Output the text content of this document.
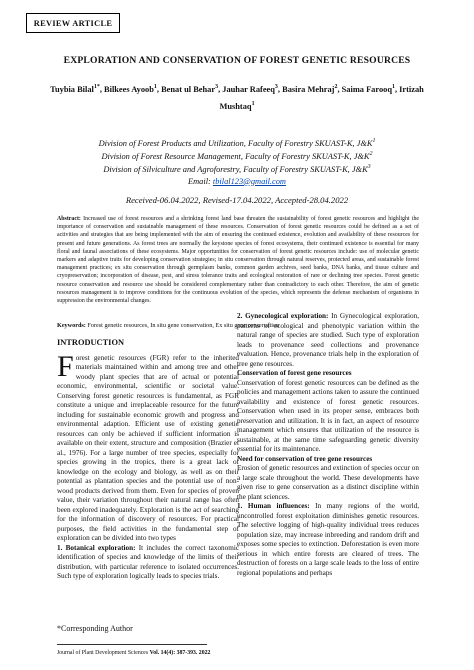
REVIEW ARTICLE
EXPLORATION AND CONSERVATION OF FOREST GENETIC RESOURCES
Tuybia Bilal$^{1*}$, Bilkees Ayoob$^1$, Benat ul Behar$^3$, Jauhar Rafeeq$^3$, Basira Mehraj$^2$, Saima Farooq$^1$, Irtizah Mushtaq$^1$
Division of Forest Products and Utilization, Faculty of Forestry SKUAST-K, $J\&K^1$
Division of Forest Resource Management, Faculty of Forestry SKUAST-K, $J\&K^2$
Division of Silviculture and Agroforestry, Faculty of Forestry SKUAST-K, $J\&K^3$
Email: tbilal123@gmail.com
Received-06.04.2022, Revised-17.04.2022, Accepted-28.04.2022
Abstract: Increased use of forest resources and a shrinking forest land base threaten the sustainability of forest genetic resources and highlight the importance of conservation and sustainable management of these resources. Conservation of forest genetic resources could be defined as a set of activities and strategies that are being implemented with the aim of ensuring the continued existence, evolution and availability of these resources for present and future generations. As forest trees are normally the keystone species of forest ecosystems, their continued existence is essential for many floral and faunal associations of these ecosystems. Major opportunities for conservation of forest genetic resources include: use of molecular genetic markers and adaptive traits for developing conservation strategies; in situ conservation through natural reserves, protected areas, and sustainable forest management practices; ex situ conservation through germplasm banks, common garden archives, seed banks, DNA banks, and tissue culture and cryopreservation; incorporation of disease, pest, and stress tolerance traits and ecological restoration of rare or declining tree species. Forest genetic resource conservation and resource use should be considered complementary rather than contradictory to each other. Therefore, the aim of genetic resources management is to improve conditions for the continuous evolution of the species, which represents the defense mechanism of organisms in suppression the environmental changes.
Keywords: Forest genetic resources, In situ gene conservation, Ex situ gene conservation
INTRODUCTION
Forest genetic resources (FGR) refer to the inherited materials maintained within and among tree and other woody plant species that are of actual or potential economic, environmental, scientific or societal value. Conserving forest genetic resources is fundamental, as FGR constitute a unique and irreplaceable resource for the future including for sustainable economic growth and progress and environmental adaption. Efficient use of existing genetic resources can only be achieved if sufficient information is available on their extent, structure and composition (Brazier et al., 1976). For a large number of tree species, especially for species growing in the tropics, there is a great lack of knowledge on the ecology and biology, as well as on their potential as plantation species and the potential use of non-wood products derived from them. Even for species of proven value, their variation throughout their natural range has often been explored inadequately. Exploration is the act of searching for the information of discovery of resources. For practical purposes, the field activities in the fundamental step of exploration can be divided into two types
1. Botanical exploration: It includes the correct taxonomic identification of species and knowledge of the limits of their distribution, with particular reference to isolated occurrences. Such type of exploration logically leads to species trials.
2. Gynecological exploration: In Gynecological exploration, patterns of ecological and phenotypic variation within the natural range of species are studied. Such type of exploration leads to provenance seed collections and provenance evaluation. Hence, provenance trials help in the exploration of tree gene resources.
Conservation of forest gene resources
Conservation of forest genetic resources can be defined as the policies and management actions taken to assure the continued availability and existence of forest genetic resources. Conservation when used in its proper sense, embraces both preservation and utilization. It is in fact, an aspect of resource management which ensures that utilization of the resource is sustainable, at the same time safeguarding genetic diversity essential for its maintenance.
Need for conservation of tree gene resources
Erosion of genetic resources and extinction of species occur on a large scale throughout the world. These developments have given rise to gene conservation as a distinct discipline within the plant sciences.
1. Human influences: In many regions of the world, uncontrolled forest exploitation diminishes genetic resources. The selective logging of high-quality individual trees reduces population size, may increase inbreeding and random drift and exposes some species to extinction. Deforestation is even more serious in which entire forests are cleared of trees. The destruction of forests on a large scale leads to the loss of entire regional populations and perhaps
*Corresponding Author
Journal of Plant Development Sciences Vol. 14(4): 387-393. 2022
